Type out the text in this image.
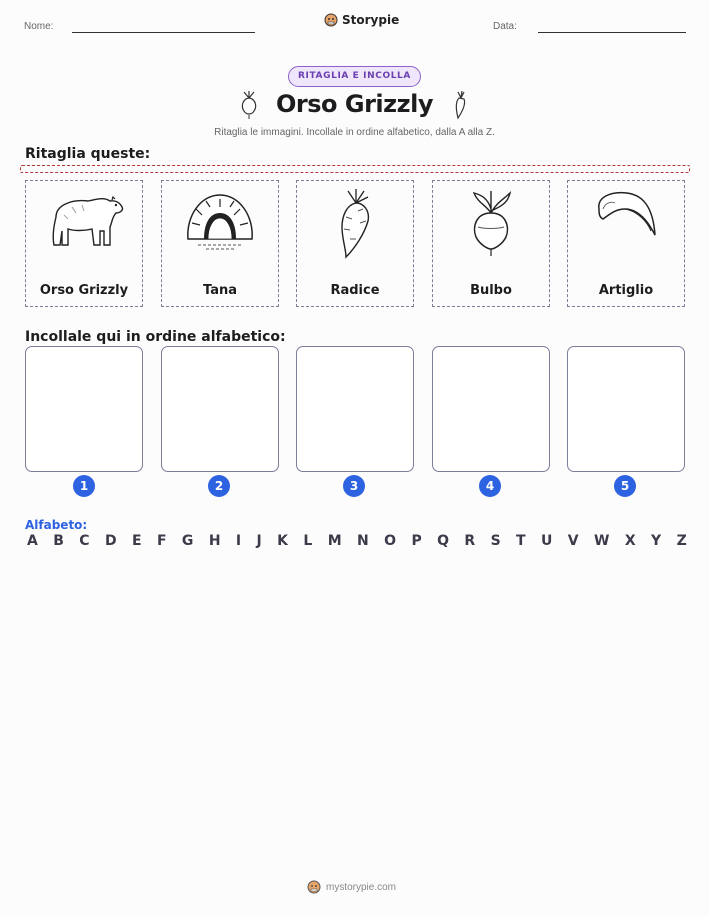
Nome:	Storypie	Data:
RITAGLIA E INCOLLA
Orso Grizzly
Ritaglia le immagini. Incollale in ordine alfabetico, dalla A alla Z.
Ritaglia queste:
Orso Grizzly	Tana	Radice	Bulbo	Artiglio
Incollale qui in ordine alfabetico:
1	2	3	4	5
Alfabeto:
A B C D E F G H I J K L M N O P Q R S T U V W X Y Z
mystorypie.com
